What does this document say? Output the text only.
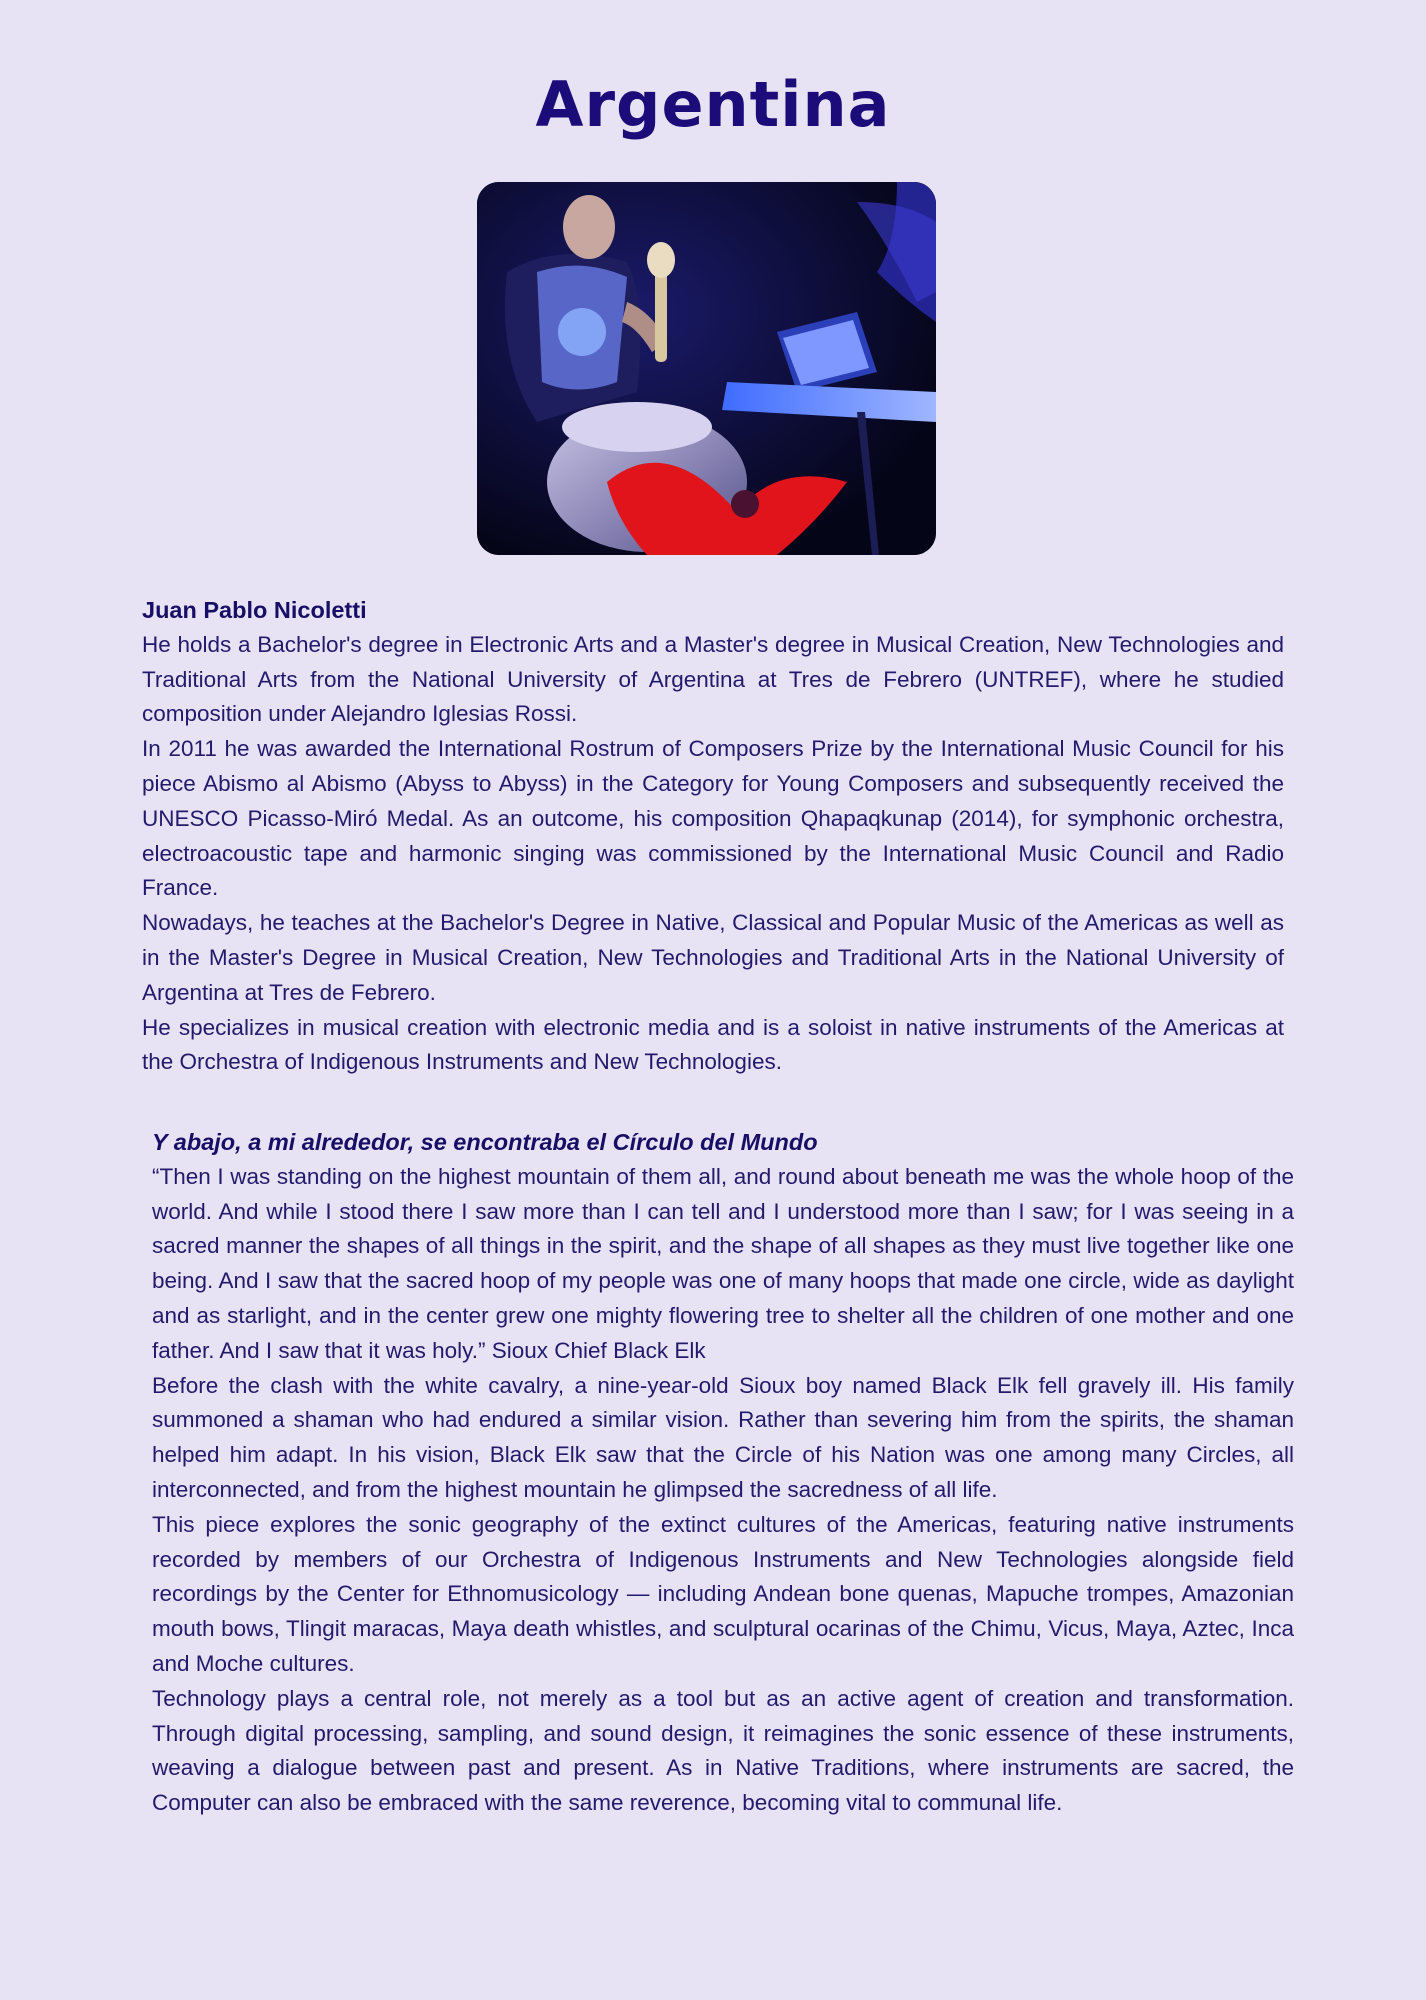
Argentina

Juan Pablo Nicoletti

He holds a Bachelor's degree in Electronic Arts and a Master's degree in Musical Creation, New Technologies and Traditional Arts from the National University of Argentina at Tres de Febrero (UNTREF), where he studied composition under Alejandro Iglesias Rossi.

In 2011 he was awarded the International Rostrum of Composers Prize by the International Music Council for his piece Abismo al Abismo (Abyss to Abyss) in the Category for Young Composers and subsequently received the UNESCO Picasso-Miró Medal. As an outcome, his composition Qhapaqkunap (2014), for symphonic orchestra, electroacoustic tape and harmonic singing was commissioned by the International Music Council and Radio France.

Nowadays, he teaches at the Bachelor's Degree in Native, Classical and Popular Music of the Americas as well as in the Master's Degree in Musical Creation, New Technologies and Traditional Arts in the National University of Argentina at Tres de Febrero.

He specializes in musical creation with electronic media and is a soloist in native instruments of the Americas at the Orchestra of Indigenous Instruments and New Technologies.

Y abajo, a mi alrededor, se encontraba el Círculo del Mundo

“Then I was standing on the highest mountain of them all, and round about beneath me was the whole hoop of the world. And while I stood there I saw more than I can tell and I understood more than I saw; for I was seeing in a sacred manner the shapes of all things in the spirit, and the shape of all shapes as they must live together like one being. And I saw that the sacred hoop of my people was one of many hoops that made one circle, wide as daylight and as starlight, and in the center grew one mighty flowering tree to shelter all the children of one mother and one father. And I saw that it was holy.” Sioux Chief Black Elk

Before the clash with the white cavalry, a nine-year-old Sioux boy named Black Elk fell gravely ill. His family summoned a shaman who had endured a similar vision. Rather than severing him from the spirits, the shaman helped him adapt. In his vision, Black Elk saw that the Circle of his Nation was one among many Circles, all interconnected, and from the highest mountain he glimpsed the sacredness of all life.

This piece explores the sonic geography of the extinct cultures of the Americas, featuring native instruments recorded by members of our Orchestra of Indigenous Instruments and New Technologies alongside field recordings by the Center for Ethnomusicology — including Andean bone quenas, Mapuche trompes, Amazonian mouth bows, Tlingit maracas, Maya death whistles, and sculptural ocarinas of the Chimu, Vicus, Maya, Aztec, Inca and Moche cultures.

Technology plays a central role, not merely as a tool but as an active agent of creation and transformation. Through digital processing, sampling, and sound design, it reimagines the sonic essence of these instruments, weaving a dialogue between past and present. As in Native Traditions, where instruments are sacred, the Computer can also be embraced with the same reverence, becoming vital to communal life.
